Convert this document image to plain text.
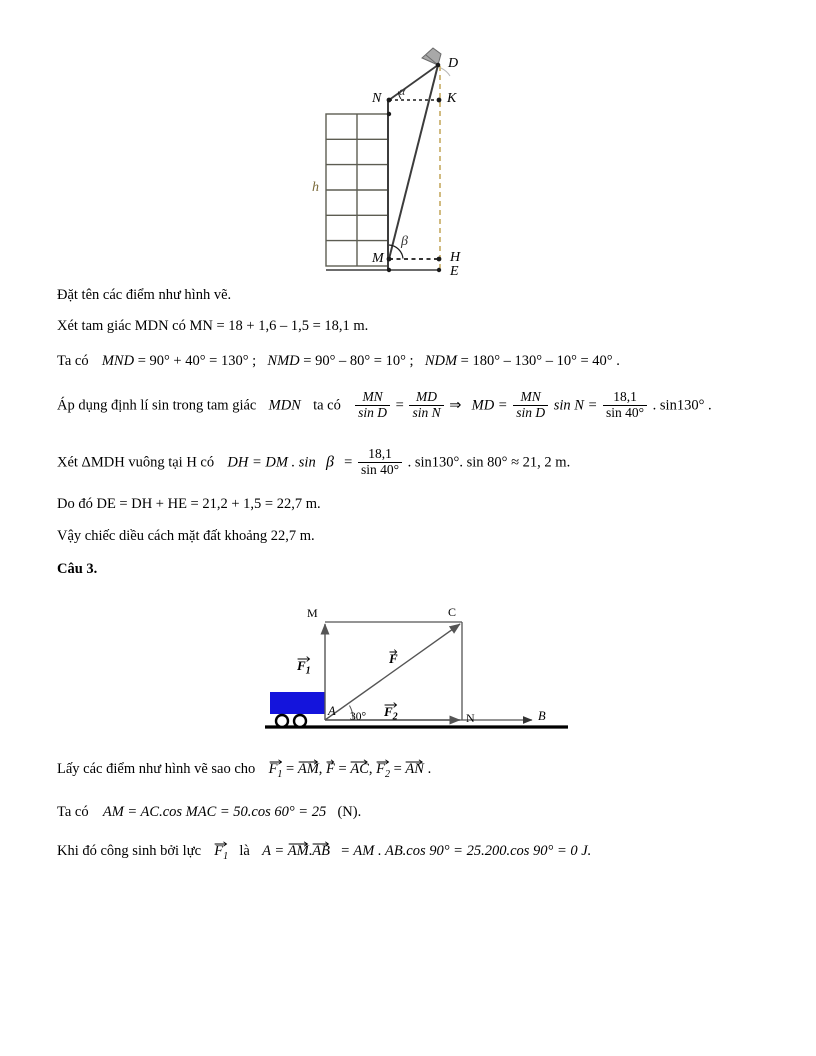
D
N	K
M	H
E
h
α
β
Đặt tên các điểm như hình vẽ.
Xét tam giác MDN có MN = 18 + 1,6 – 1,5 = 18,1 m.
Ta có MND = 90° + 40° = 130° ; NMD = 90° – 80° = 10° ; NDM = 180° – 130° – 10° = 40° .
Áp dụng định lí sin trong tam giác MDN ta có $\frac{MN}{\text{sin D}} = \frac{MD}{\text{sin N}}$ ⇒ MD = $\frac{MN}{\text{sin D}}$ $\sin N = \frac{18,1}{\sin 40^\circ}$ . sin130° .
Xét ΔMDH vuông tại H có DH = DM . $\sin \beta = \frac{18,1}{\sin 40^\circ}$ . sin130°. sin 80° ≈ 21, 2 m.
Do đó DE = DH + HE = 21,2 + 1,5 = 22,7 m.
Vậy chiếc diều cách mặt đất khoảng 22,7 m.
Câu 3.
M	C
A	N	B
30°
$F_1$
F
$F_2$
Lấy các điểm như hình vẽ sao cho $F_1$ = AM, F = AC, $F_2$ = AN .
Ta có AM = AC.cos MAC = 50.cos 60° = 25 (N).
Khi đó công sinh bởi lực $F_1$ là A = AM.
AB = AM . AB.cos 90° = 25.200.cos 90° = 0 J.
